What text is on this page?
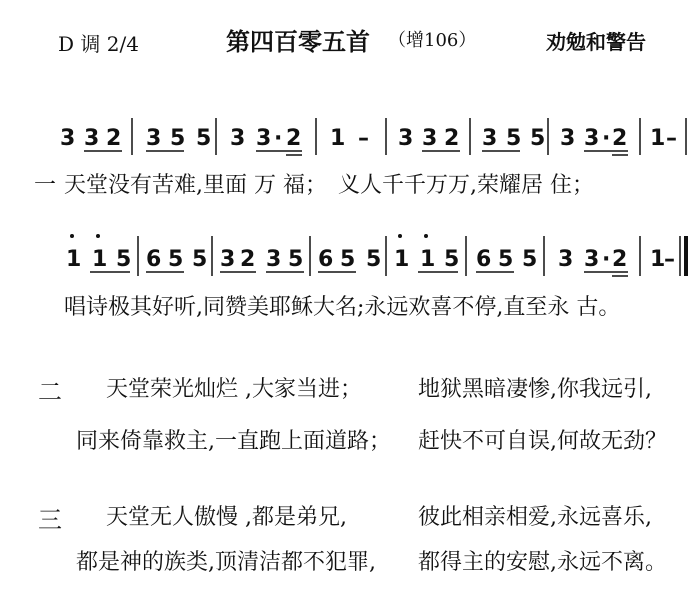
D 调 2/4	第四百零五首 （增106）	劝勉和警告
3 3 2 3 5 5 3 3 · 2 1 – 3 3 2 3 5 5 3 3 · 2 1 –
1 1 5 6 5 5 3 2 3 5 6 5 5 1 1 5 6 5 5 3 3 · 2 1
–
一 天堂没有苦难,里面 万 福；　义人千千万万,荣耀居 住；
唱诗极其好听,同赞美耶稣大名;永远欢喜不停,直至永 古。
二 天堂荣光灿烂 ,大家当进；	地狱黑暗凄惨,你我远引,
同来倚靠救主,一直跑上面道路； 赶快不可自误,何故无劲？
三 天堂无人傲慢 ,都是弟兄,	彼此相亲相爱,永远喜乐,
都是神的族类,顶清洁都不犯罪, 都得主的安慰,永远不离。
